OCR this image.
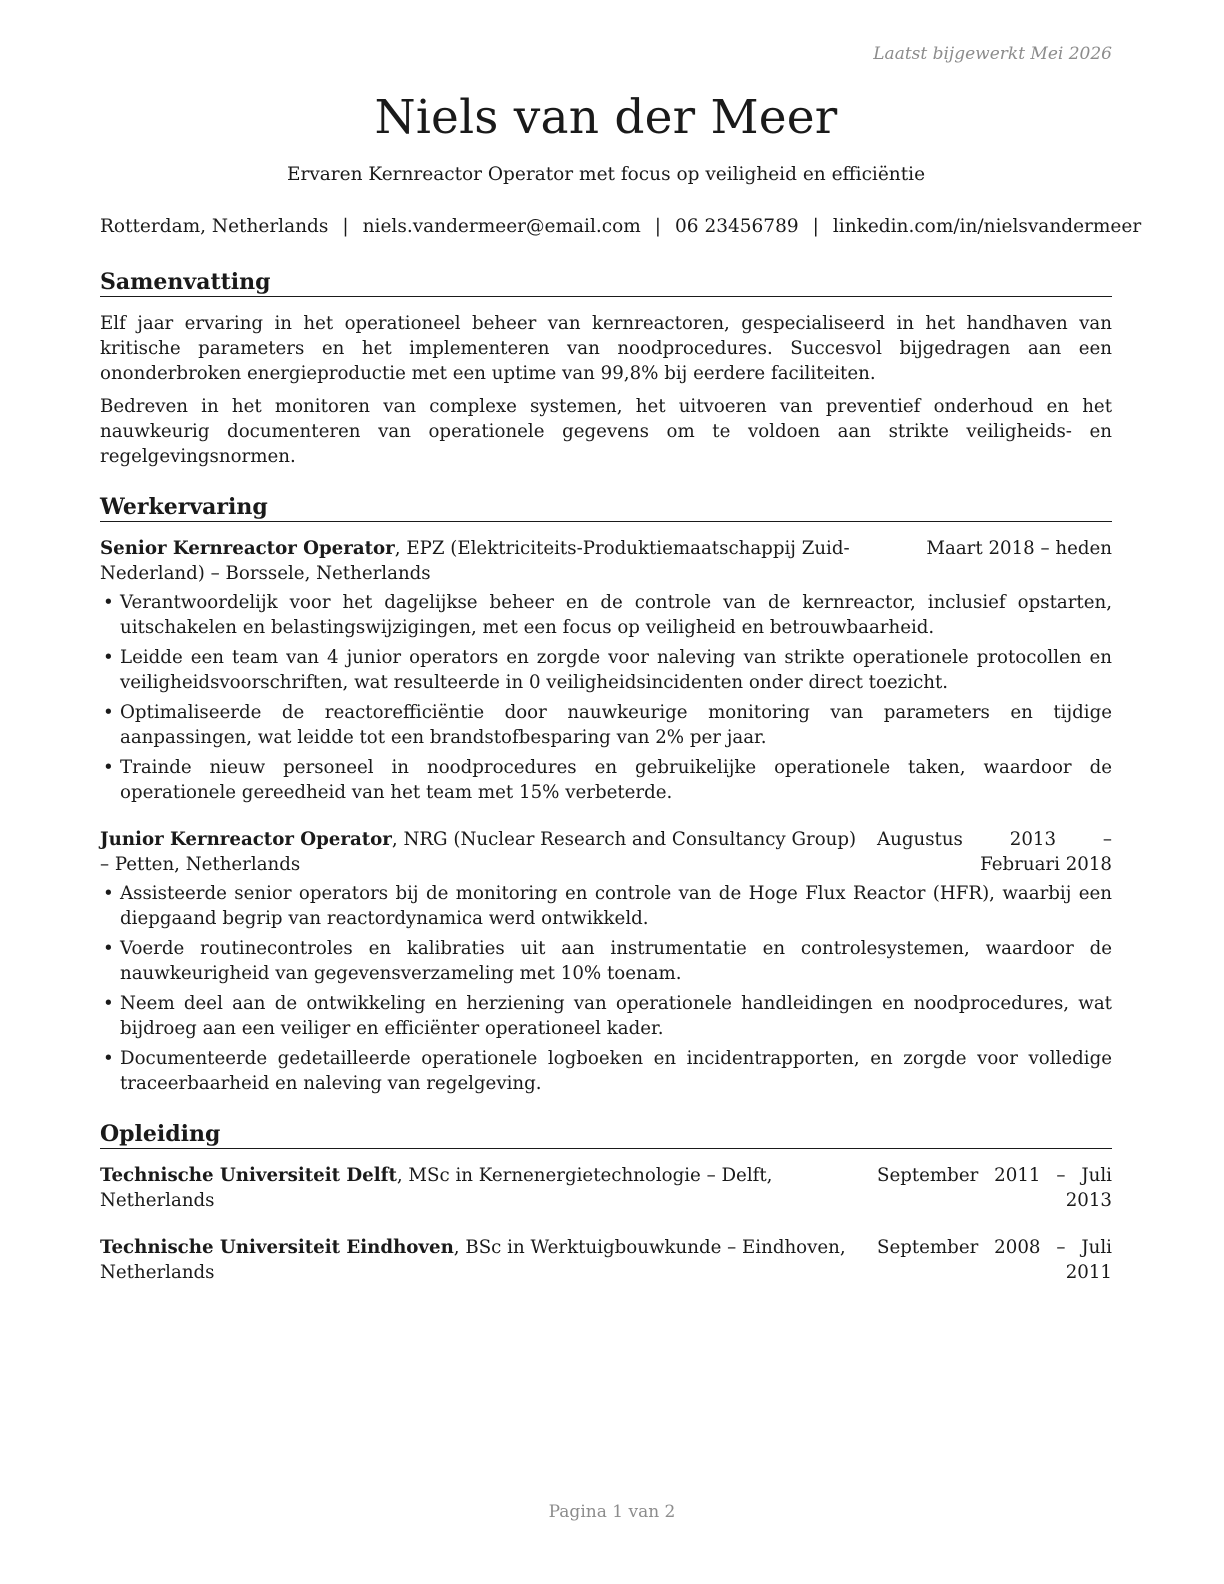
Laatst bijgewerkt Mei 2026
Niels van der Meer
Ervaren Kernreactor Operator met focus op veiligheid en efficiëntie
Rotterdam, Netherlands | niels.vandermeer@email.com | 06 23456789 | linkedin.com/in/nielsvandermeer
Samenvatting

Elf jaar ervaring in het operationeel beheer van kernreactoren, gespecialiseerd in het handhaven van kritische parameters en het implementeren van noodprocedures. Succesvol bijgedragen aan een ononderbroken energieproductie met een uptime van 99,8% bij eerdere faciliteiten.

Bedreven in het monitoren van complexe systemen, het uitvoeren van preventief onderhoud en het nauwkeurig documenteren van operationele gegevens om te voldoen aan strikte veiligheids- en regelgevingsnormen.

Werkervaring
Senior Kernreactor Operator, EPZ (Elektriciteits-Produktiemaatschappij Zuid-Nederland) – Borssele, Netherlands
Maart 2018 – heden
• Verantwoordelijk voor het dagelijkse beheer en de controle van de kernreactor, inclusief opstarten, uitschakelen en belastingswijzigingen, met een focus op veiligheid en betrouwbaarheid.
• Leidde een team van 4 junior operators en zorgde voor naleving van strikte operationele protocollen en veiligheidsvoorschriften, wat resulteerde in 0 veiligheidsincidenten onder direct toezicht.
• Optimaliseerde de reactorefficiëntie door nauwkeurige monitoring van parameters en tijdige aanpassingen, wat leidde tot een brandstofbesparing van 2% per jaar.
• Trainde nieuw personeel in noodprocedures en gebruikelijke operationele taken, waardoor de operationele gereedheid van het team met 15% verbeterde.
Junior Kernreactor Operator, NRG (Nuclear Research and Consultancy Group) – Petten, Netherlands
Augustus 2013 – Februari 2018
• Assisteerde senior operators bij de monitoring en controle van de Hoge Flux Reactor (HFR), waarbij een diepgaand begrip van reactordynamica werd ontwikkeld.
• Voerde routinecontroles en kalibraties uit aan instrumentatie en controlesystemen, waardoor de nauwkeurigheid van gegevensverzameling met 10% toenam.
• Neem deel aan de ontwikkeling en herziening van operationele handleidingen en noodprocedures, wat bijdroeg aan een veiliger en efficiënter operationeel kader.
• Documenteerde gedetailleerde operationele logboeken en incidentrapporten, en zorgde voor volledige traceerbaarheid en naleving van regelgeving.
Opleiding
Technische Universiteit Delft, MSc in Kernenergietechnologie – Delft, Netherlands
September 2011 – Juli 2013
Technische Universiteit Eindhoven, BSc in Werktuigbouwkunde – Eindhoven, Netherlands
September 2008 – Juli 2011
Pagina 1 van 2
